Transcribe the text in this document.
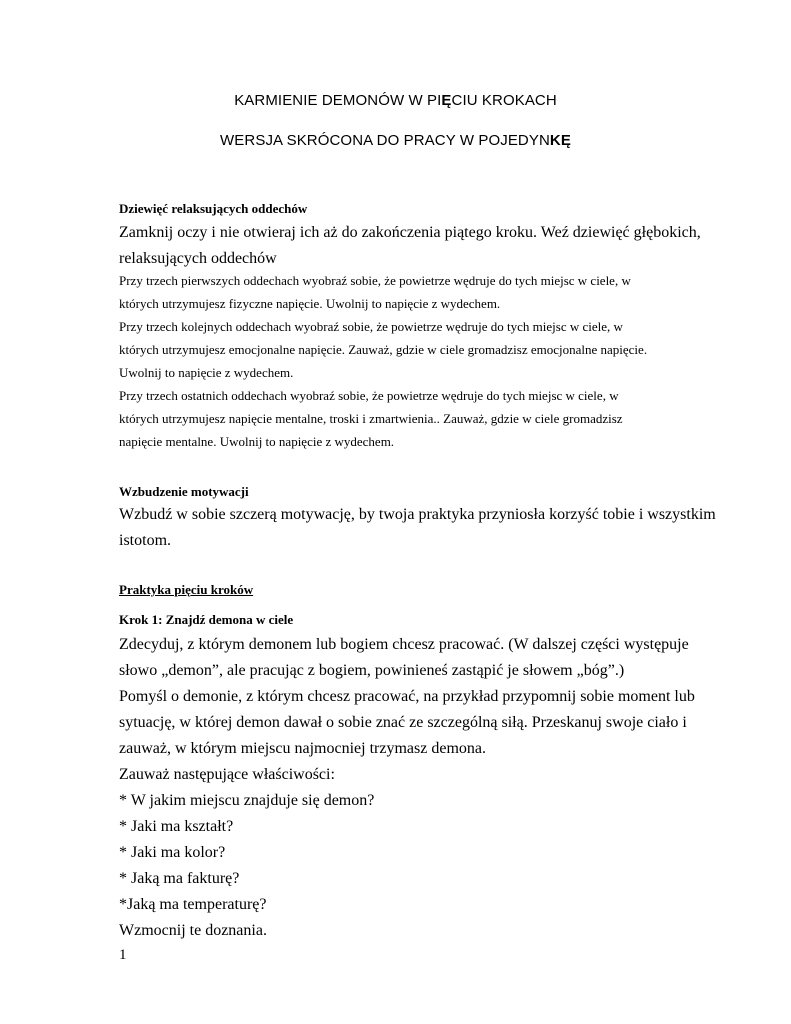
KARMIENIE DEMONÓW W PIĘCIU KROKACH
WERSJA SKRÓCONA DO PRACY W POJEDYNKĘ
Dziewięć relaksujących oddechów
Zamknij oczy i nie otwieraj ich aż do zakończenia piątego kroku. Weź dziewięć głębokich,
relaksujących oddechów
Przy trzech pierwszych oddechach wyobraź sobie, że powietrze wędruje do tych miejsc w ciele, w
których utrzymujesz fizyczne napięcie. Uwolnij to napięcie z wydechem.
Przy trzech kolejnych oddechach wyobraź sobie, że powietrze wędruje do tych miejsc w ciele, w
których utrzymujesz emocjonalne napięcie. Zauważ, gdzie w ciele gromadzisz emocjonalne napięcie.
Uwolnij to napięcie z wydechem.
Przy trzech ostatnich oddechach wyobraź sobie, że powietrze wędruje do tych miejsc w ciele, w
których utrzymujesz napięcie mentalne, troski i zmartwienia.. Zauważ, gdzie w ciele gromadzisz
napięcie mentalne. Uwolnij to napięcie z wydechem.
Wzbudzenie motywacji
Wzbudź w sobie szczerą motywację, by twoja praktyka przyniosła korzyść tobie i wszystkim
istotom.
Praktyka pięciu kroków
Krok 1: Znajdź demona w ciele
Zdecyduj, z którym demonem lub bogiem chcesz pracować. (W dalszej części występuje
słowo „demon”, ale pracując z bogiem, powinieneś zastąpić je słowem „bóg”.)
Pomyśl o demonie, z którym chcesz pracować, na przykład przypomnij sobie moment lub
sytuację, w której demon dawał o sobie znać ze szczególną siłą. Przeskanuj swoje ciało i
zauważ, w którym miejscu najmocniej trzymasz demona.
Zauważ następujące właściwości:
* W jakim miejscu znajduje się demon?
* Jaki ma kształt?
* Jaki ma kolor?
* Jaką ma fakturę?
*Jaką ma temperaturę?
Wzmocnij te doznania.
1
